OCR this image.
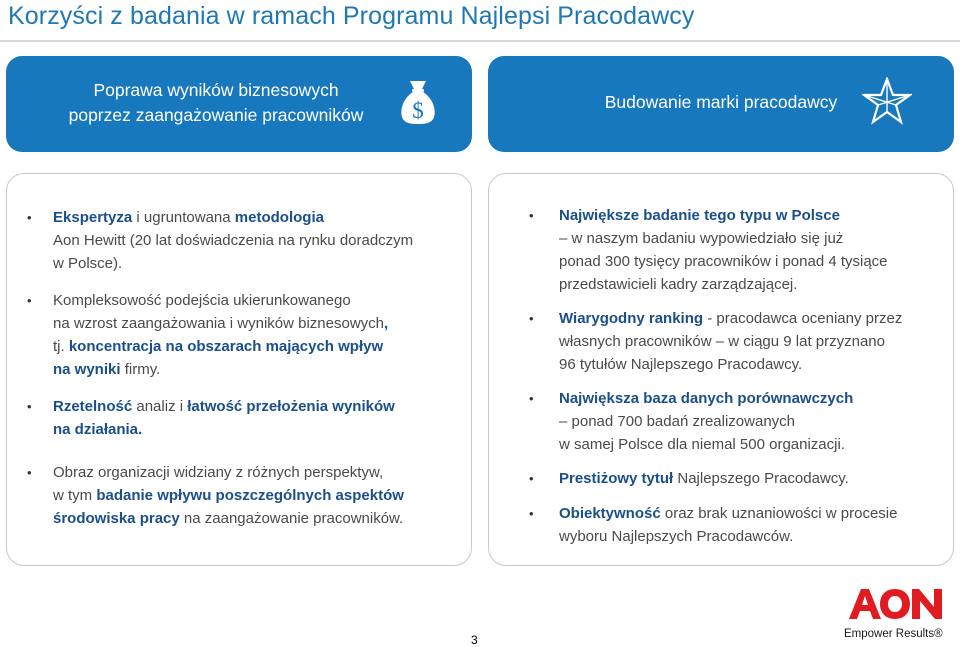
Korzyści z badania w ramach Programu Najlepsi Pracodawcy
Poprawa wyników biznesowych
poprzez zaangażowanie pracowników	$	Budowanie marki pracodawcy
• Ekspertyza i ugruntowana metodologia
Aon Hewitt (20 lat doświadczenia na rynku doradczym
w Polsce).
• Kompleksowość podejścia ukierunkowanego
na wzrost zaangażowania i wyników biznesowych,
tj. koncentracja na obszarach mających wpływ
na wyniki firmy.
• Rzetelność analiz i łatwość przełożenia wyników
na działania.
• Obraz organizacji widziany z różnych perspektyw,
w tym badanie wpływu poszczególnych aspektów
środowiska pracy na zaangażowanie pracowników.
• Największe badanie tego typu w Polsce
– w naszym badaniu wypowiedziało się już
ponad 300 tysięcy pracowników i ponad 4 tysiące
przedstawicieli kadry zarządzającej.
• Wiarygodny ranking - pracodawca oceniany przez
własnych pracowników – w ciągu 9 lat przyznano
96 tytułów Najlepszego Pracodawcy.
• Największa baza danych porównawczych
– ponad 700 badań zrealizowanych
w samej Polsce dla niemal 500 organizacji.
• Prestiżowy tytuł Najlepszego Pracodawcy.
• Obiektywność oraz brak uznaniowości w procesie
wyboru Najlepszych Pracodawców.
3	Empower Results®
